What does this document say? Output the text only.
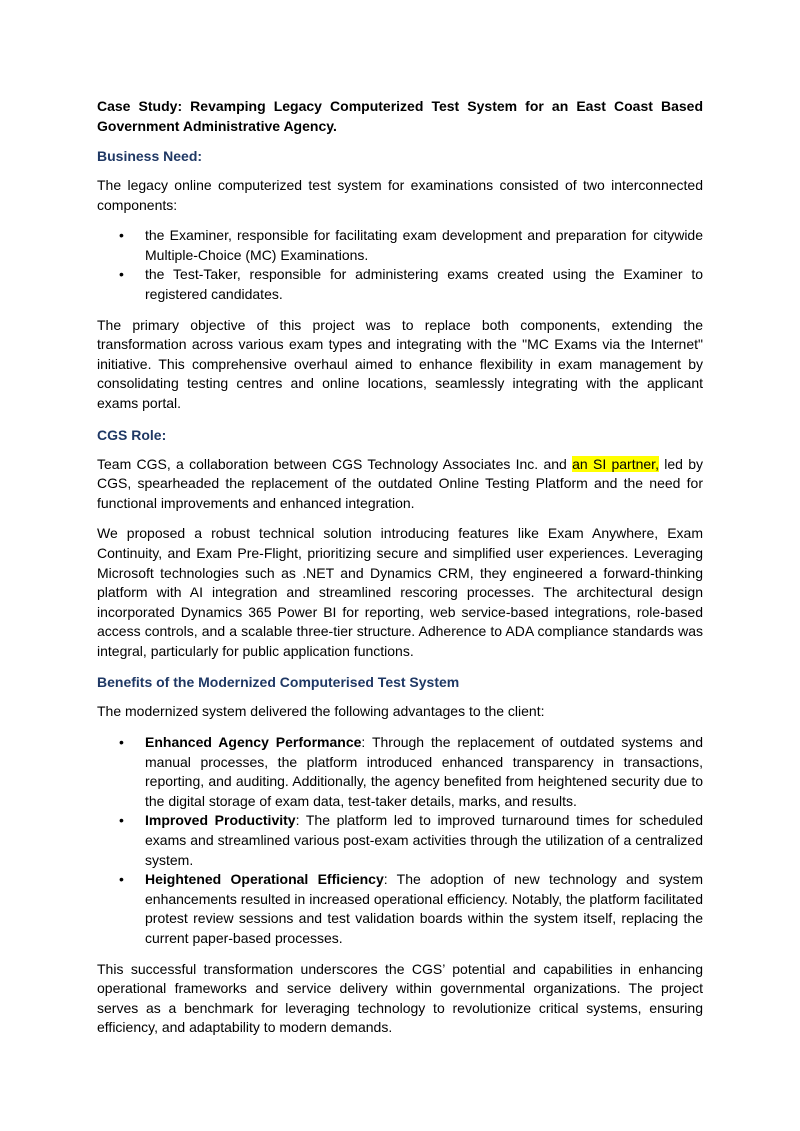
Case Study: Revamping Legacy Computerized Test System for an East Coast Based Government Administrative Agency.
Business Need:

The legacy online computerized test system for examinations consisted of two interconnected components:

• the Examiner, responsible for facilitating exam development and preparation for citywide Multiple-Choice (MC) Examinations.
• the Test-Taker, responsible for administering exams created using the Examiner to registered candidates.

The primary objective of this project was to replace both components, extending the transformation across various exam types and integrating with the "MC Exams via the Internet" initiative. This comprehensive overhaul aimed to enhance flexibility in exam management by consolidating testing centres and online locations, seamlessly integrating with the applicant exams portal.

CGS Role:

Team CGS, a collaboration between CGS Technology Associates Inc. and an SI partner, led by CGS, spearheaded the replacement of the outdated Online Testing Platform and the need for functional improvements and enhanced integration.

We proposed a robust technical solution introducing features like Exam Anywhere, Exam Continuity, and Exam Pre-Flight, prioritizing secure and simplified user experiences. Leveraging Microsoft technologies such as .NET and Dynamics CRM, they engineered a forward-thinking platform with AI integration and streamlined rescoring processes. The architectural design incorporated Dynamics 365 Power BI for reporting, web service-based integrations, role-based access controls, and a scalable three-tier structure. Adherence to ADA compliance standards was integral, particularly for public application functions.

Benefits of the Modernized Computerised Test System

The modernized system delivered the following advantages to the client:

• Enhanced Agency Performance: Through the replacement of outdated systems and manual processes, the platform introduced enhanced transparency in transactions, reporting, and auditing. Additionally, the agency benefited from heightened security due to the digital storage of exam data, test-taker details, marks, and results.
• Improved Productivity: The platform led to improved turnaround times for scheduled exams and streamlined various post-exam activities through the utilization of a centralized system.
• Heightened Operational Efficiency: The adoption of new technology and system enhancements resulted in increased operational efficiency. Notably, the platform facilitated protest review sessions and test validation boards within the system itself, replacing the current paper-based processes.

This successful transformation underscores the CGS’ potential and capabilities in enhancing operational frameworks and service delivery within governmental organizations. The project serves as a benchmark for leveraging technology to revolutionize critical systems, ensuring efficiency, and adaptability to modern demands.
